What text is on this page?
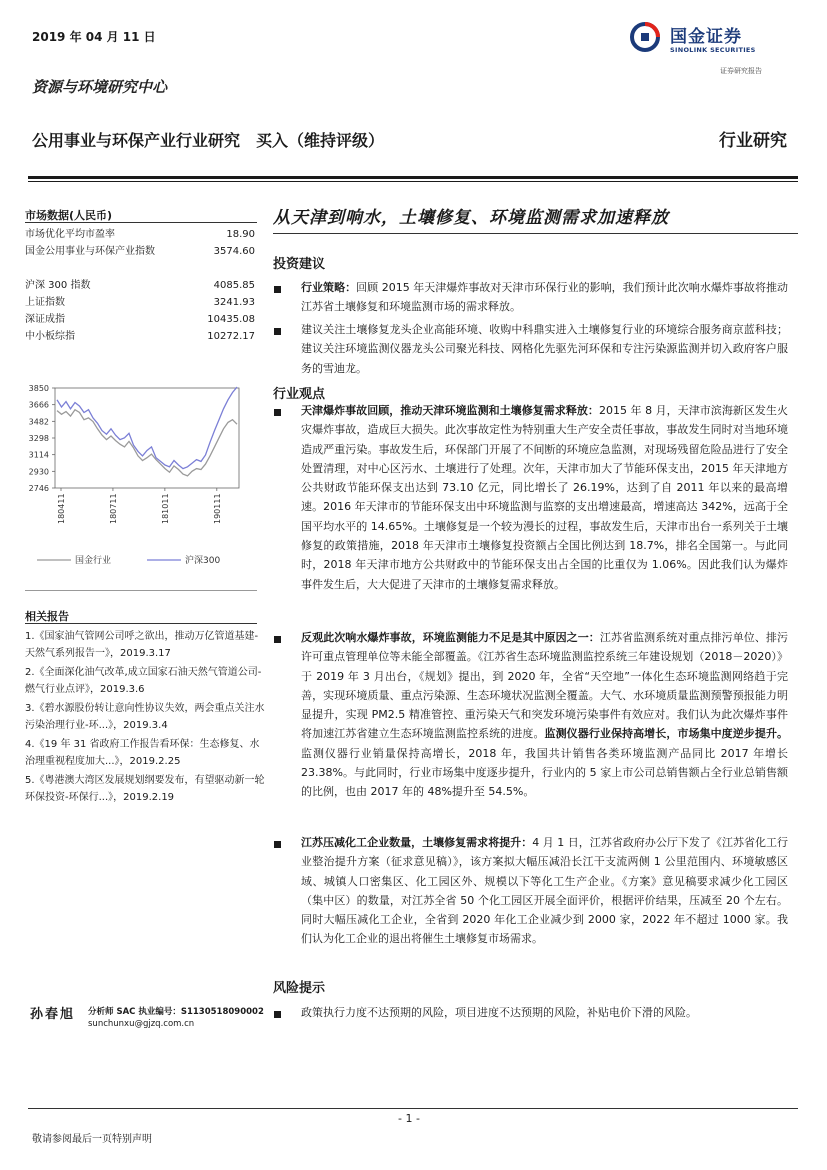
2019 年 04 月 11 日	国金证券
SINOLINK SECURITIES
证券研究报告
资源与环境研究中心
公用事业与环保产业行业研究　买入（维持评级）	行业研究
市场数据(人民币)
市场优化平均市盈率	18.90
国金公用事业与环保产业指数	3574.60
沪深 300 指数	4085.85
上证指数	3241.93
深证成指	10435.08
中小板综指	10272.17
3850
3666
3482
3298
3114
2930
2746
180411	180711	181011	190111
国金行业	沪深300
相关报告
1.《国家油气管网公司呼之欲出，推动万亿管道基建-天然气系列报告一》，2019.3.17
2.《全面深化油气改革,成立国家石油天然气管道公司-燃气行业点评》，2019.3.6
3.《碧水源股份转让意向性协议失效，两会重点关注水污染治理行业-环...》，2019.3.4
4.《19 年 31 省政府工作报告看环保：生态修复、水治理重视程度加大...》，2019.2.25
5.《粤港澳大湾区发展规划纲要发布，有望驱动新一轮环保投资-环保行...》，2019.2.19
孙春旭 分析师 SAC 执业编号：S1130518090002
sunchunxu@gjzq.com.cn
从天津到响水，土壤修复、环境监测需求加速释放
投资建议
行业策略：回顾 2015 年天津爆炸事故对天津市环保行业的影响，我们预计此次响水爆炸事故将推动江苏省土壤修复和环境监测市场的需求释放。
建议关注土壤修复龙头企业高能环境、收购中科鼎实进入土壤修复行业的环境综合服务商京蓝科技；建议关注环境监测仪器龙头公司聚光科技、网格化先驱先河环保和专注污染源监测并切入政府客户服务的雪迪龙。
行业观点
天津爆炸事故回顾，推动天津环境监测和土壤修复需求释放：2015 年 8 月，天津市滨海新区发生火灾爆炸事故，造成巨大损失。此次事故定性为特别重大生产安全责任事故，事故发生同时对当地环境造成严重污染。事故发生后，环保部门开展了不间断的环境应急监测，对现场残留危险品进行了安全处置清理，对中心区污水、土壤进行了处理。次年，天津市加大了节能环保支出，2015 年天津地方公共财政节能环保支出达到 73.10 亿元，同比增长了 26.19%，达到了自 2011 年以来的最高增速。2016 年天津市的节能环保支出中环境监测与监察的支出增速最高，增速高达 342%，远高于全国平均水平的 14.65%。土壤修复是一个较为漫长的过程，事故发生后，天津市出台一系列关于土壤修复的政策措施，2018 年天津市土壤修复投资额占全国比例达到 18.7%，排名全国第一。与此同时，2018 年天津市地方公共财政中的节能环保支出占全国的比重仅为 1.06%。因此我们认为爆炸事件发生后，大大促进了天津市的土壤修复需求释放。
反观此次响水爆炸事故，环境监测能力不足是其中原因之一：江苏省监测系统对重点排污单位、排污许可重点管理单位等未能全部覆盖。《江苏省生态环境监测监控系统三年建设规划（2018－2020）》于 2019 年 3 月出台，《规划》提出，到 2020 年，全省“天空地”一体化生态环境监测网络趋于完善，实现环境质量、重点污染源、生态环境状况监测全覆盖。大气、水环境质量监测预警预报能力明显提升，实现 PM2.5 精准管控、重污染天气和突发环境污染事件有效应对。我们认为此次爆炸事件将加速江苏省建立生态环境监测监控系统的进度。监测仪器行业保持高增长，市场集中度逆步提升。监测仪器行业销量保持高增长，2018 年，我国共计销售各类环境监测产品同比 2017 年增长 23.38%。与此同时，行业市场集中度逐步提升，行业内的 5 家上市公司总销售额占全行业总销售额的比例，也由 2017 年的 48%提升至 54.5%。
江苏压减化工企业数量，土壤修复需求将提升：4 月 1 日，江苏省政府办公厅下发了《江苏省化工行业整治提升方案（征求意见稿）》，该方案拟大幅压减沿长江干支流两侧 1 公里范围内、环境敏感区域、城镇人口密集区、化工园区外、规模以下等化工生产企业。《方案》意见稿要求减少化工园区（集中区）的数量，对江苏全省 50 个化工园区开展全面评价，根据评价结果，压减至 20 个左右。同时大幅压减化工企业，全省到 2020 年化工企业减少到 2000 家，2022 年不超过 1000 家。我们认为化工企业的退出将催生土壤修复市场需求。
风险提示
政策执行力度不达预期的风险，项目进度不达预期的风险，补贴电价下滑的风险。
- 1 -
敬请参阅最后一页特别声明
